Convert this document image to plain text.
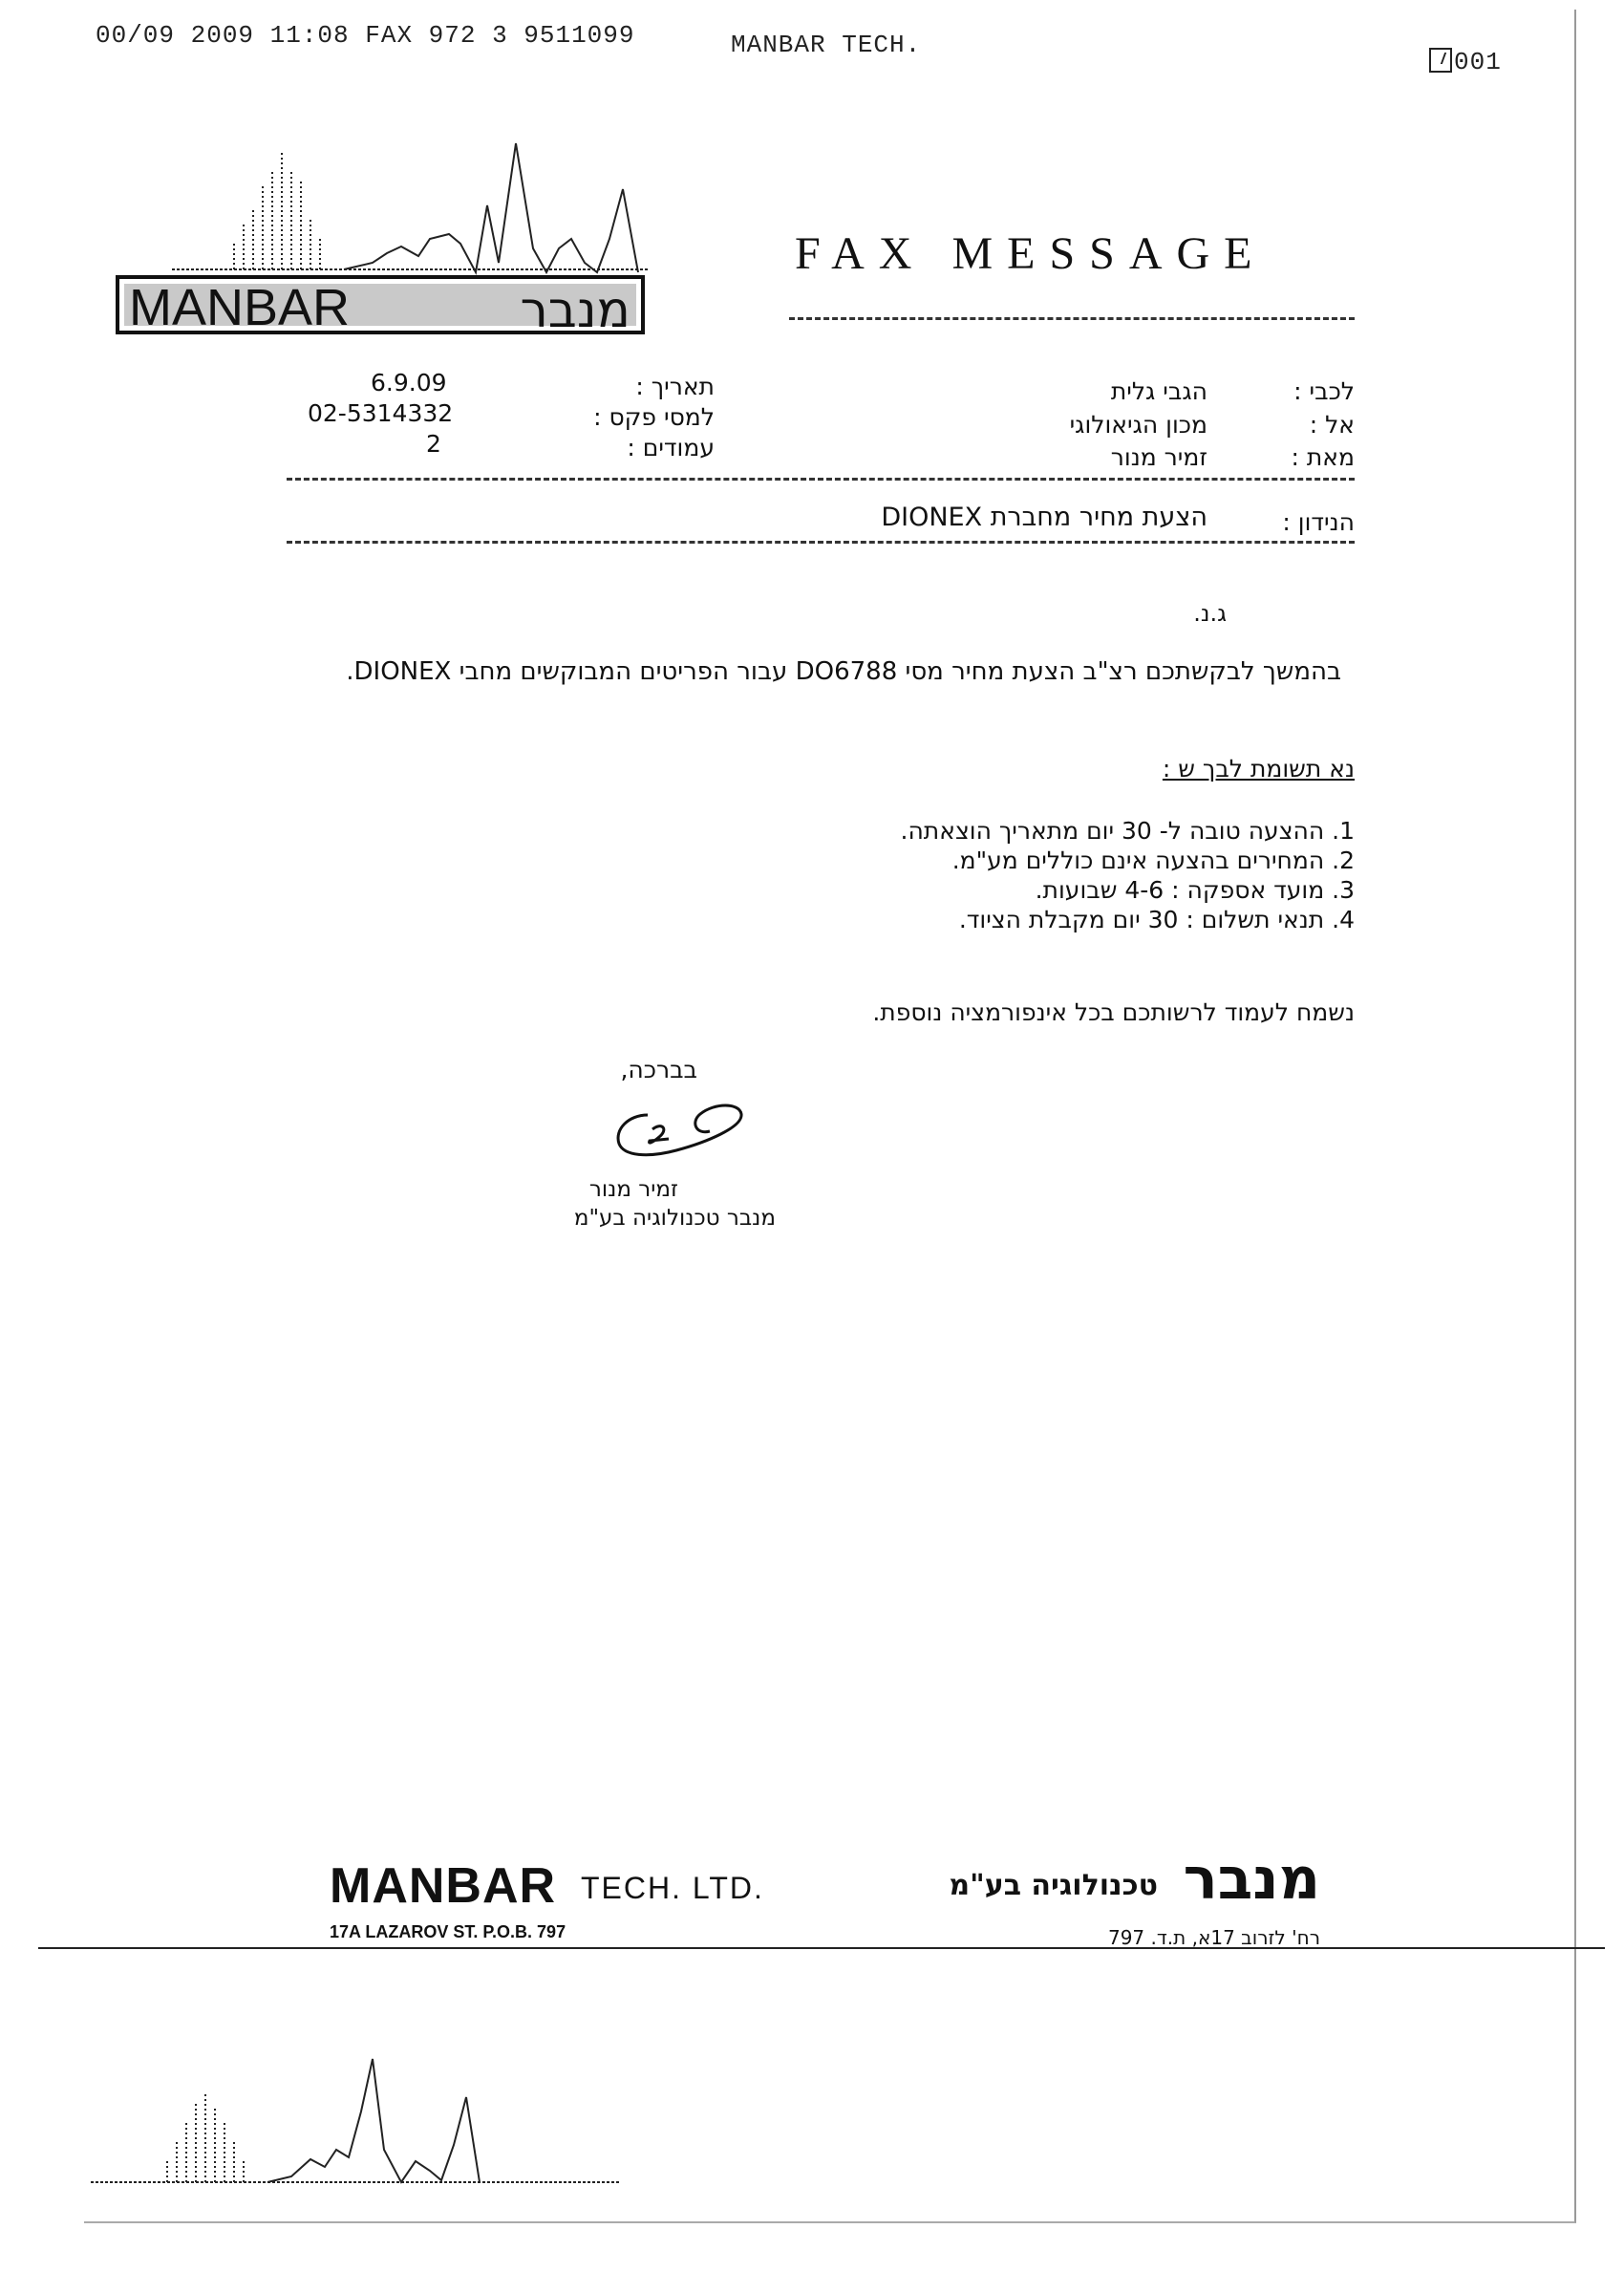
00/09 2009 11:08 FAX 972 3 9511099	MANBAR TECH.
001
MANBAR	מנבר
FAX MESSAGE
לכבי :
הגבי גלית
אל :
מכון הגיאולוגי
מאת :
זמיר מנור
תאריך :
6.9.09
למסי פקס :
02-5314332
עמודים :
2
הנידון :
הצעת מחיר מחברת DIONEX
ג.נ.
בהמשך לבקשתכם רצ"ב הצעת מחיר מסי DO6788 עבור הפריטים המבוקשים מחבי DIONEX.
נא תשומת לבך ש :
1. ההצעה טובה ל- 30 יום מתאריך הוצאתה.
2. המחירים בהצעה אינם כוללים מע"מ.
3. מועד אספקה : 4-6 שבועות.
4. תנאי תשלום : 30 יום מקבלת הציוד.
נשמח לעמוד לרשותכם בכל אינפורמציה נוספת.
בברכה,
זמיר מנור
מנבר טכנולוגיה בע"מ
MANBAR TECH. LTD.
17A LAZAROV ST. P.O.B. 797
מנבר
טכנולוגיה בע"מ
רח' לזרוב 17א, ת.ד. 797
